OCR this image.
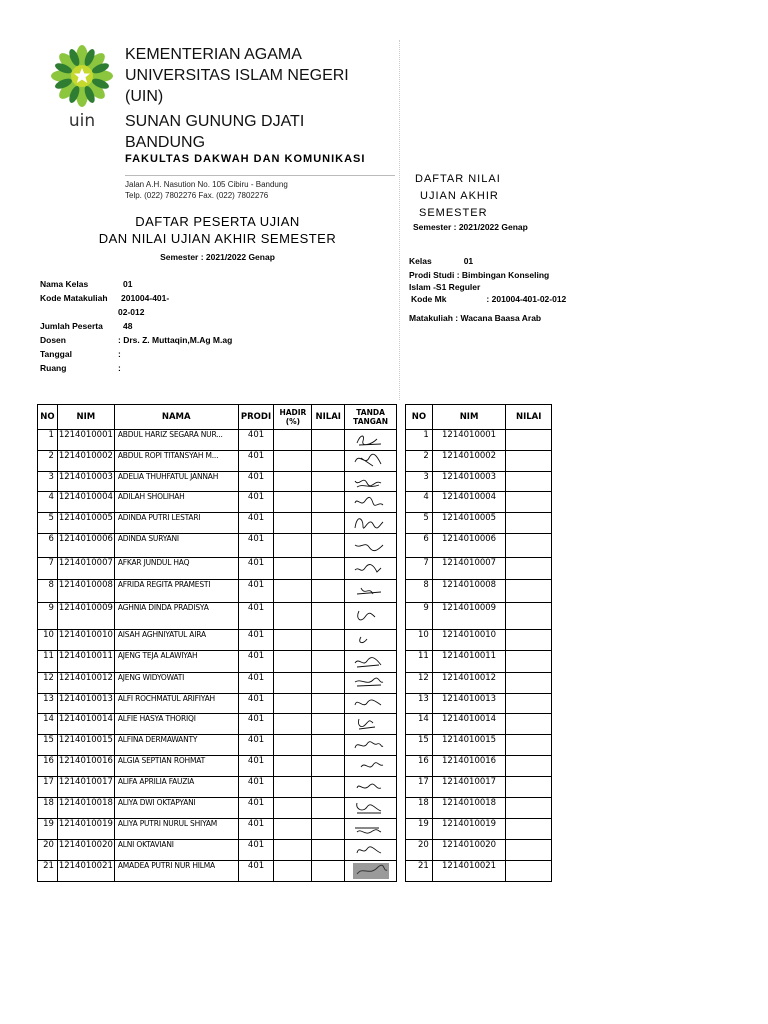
uin
KEMENTERIAN AGAMA
UNIVERSITAS ISLAM NEGERI
(UIN)
SUNAN GUNUNG DJATI
BANDUNG
FAKULTAS DAKWAH DAN KOMUNIKASI
Jalan A.H. Nasution No. 105 Cibiru - Bandung
Telp. (022) 7802276 Fax. (022) 7802276
DAFTAR PESERTA UJIAN
DAN NILAI UJIAN AKHIR SEMESTER
Semester : 2021/2022 Genap
Nama Kelas	01
Kode Matakuliah 201004-401-
02-012
Jumlah Peserta 48
Dosen	: Drs. Z. Muttaqin,M.Ag M.ag
Tanggal	:
Ruang	:
DAFTAR NILAI
UJIAN AKHIR
SEMESTER
Semester : 2021/2022 Genap
Kelas	01
Prodi Studi : Bimbingan Konseling
Islam -S1 Reguler
Kode Mk	: 201004-401-02-012
Matakuliah : Wacana Baasa Arab
NO	NIM	NAMA	PRODI	HADIR (%)	NILAI	TANDA TANGAN
1	1214010001	ABDUL HARIZ SEGARA NUR...	401			

2	1214010002	ABDUL ROPI TITANSYAH M...	401			

3	1214010003	ADELIA THUHFATUL JANNAH	401			

4	1214010004	ADILAH SHOLIHAH	401			

5	1214010005	ADINDA PUTRI LESTARI	401			

6	1214010006	ADINDA SURYANI	401			

7	1214010007	AFKAR JUNDUL HAQ	401			

8	1214010008	AFRIDA REGITA PRAMESTI	401			

9	1214010009	AGHNIA DINDA PRADISYA	401			

10	1214010010	AISAH AGHNIYATUL AIRA	401			

11	1214010011	AJENG TEJA ALAWIYAH	401			

12	1214010012	AJENG WIDYOWATI	401			

13	1214010013	ALFI ROCHMATUL ARIFIYAH	401			

14	1214010014	ALFIE HASYA THORIQI	401			

15	1214010015	ALFINA DERMAWANTY	401			

16	1214010016	ALGIA SEPTIAN ROHMAT	401			

17	1214010017	ALIFA APRILIA FAUZIA	401			

18	1214010018	ALIYA DWI OKTAPYANI	401			

19	1214010019	ALIYA PUTRI NURUL SHIYAM	401			

20	1214010020	ALNI OKTAVIANI	401			

21	1214010021	AMADEA PUTRI NUR HILMA	401			
NO	NIM	NILAI
1	1214010001	
2	1214010002	
3	1214010003	
4	1214010004	
5	1214010005	
6	1214010006	
7	1214010007	
8	1214010008	
9	1214010009	
10	1214010010	
11	1214010011	
12	1214010012	
13	1214010013	
14	1214010014	
15	1214010015	
16	1214010016	
17	1214010017	
18	1214010018	
19	1214010019	
20	1214010020	
21	1214010021	
